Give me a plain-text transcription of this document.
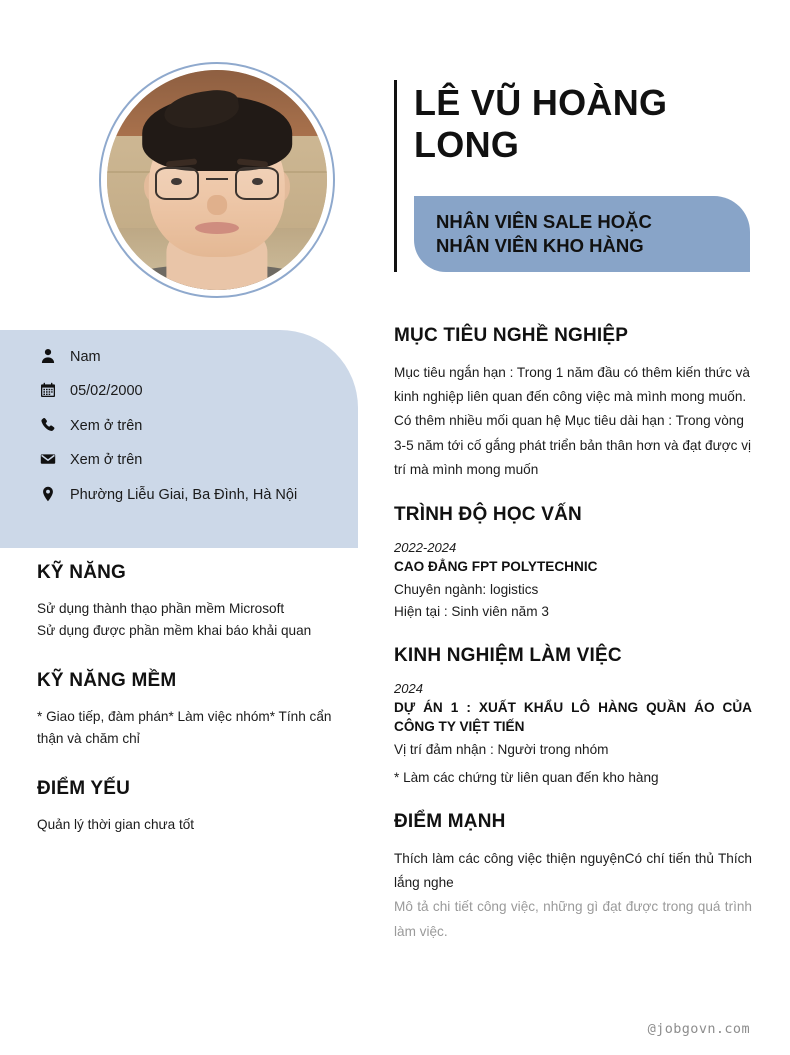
LÊ VŨ HOÀNG
LONG
NHÂN VIÊN SALE HOẶC
NHÂN VIÊN KHO HÀNG
Nam
05/02/2000
Xem ở trên
Xem ở trên
Phường Liễu Giai, Ba Đình, Hà Nội
KỸ NĂNG
Sử dụng thành thạo phần mềm Microsoft
Sử dụng được phần mềm khai báo khải quan
KỸ NĂNG MỀM
* Giao tiếp, đàm phán* Làm việc nhóm* Tính cẩn thận và chăm chỉ
ĐIỂM YẾU
Quản lý thời gian chưa tốt
MỤC TIÊU NGHỀ NGHIỆP
Mục tiêu ngắn hạn : Trong 1 năm đầu có thêm kiến thức và kinh nghiệp liên quan đến công việc mà mình mong muốn. Có thêm nhiều mối quan hệ Mục tiêu dài hạn : Trong vòng 3-5 năm tới cố gắng phát triển bản thân hơn và đạt được vị trí mà mình mong muốn
TRÌNH ĐỘ HỌC VẤN
2022-2024
CAO ĐẲNG FPT POLYTECHNIC
Chuyên ngành: logistics
Hiện tại : Sinh viên năm 3
KINH NGHIỆM LÀM VIỆC
2024
DỰ ÁN 1 : XUẤT KHẨU LÔ HÀNG QUẦN ÁO CỦA CÔNG TY VIỆT TIẾN
Vị trí đảm nhận : Người trong nhóm
* Làm các chứng từ liên quan đến kho hàng
ĐIỂM MẠNH
Thích làm các công việc thiện nguyệnCó chí tiến thủ Thích lắng nghe
Mô tả chi tiết công việc, những gì đạt được trong quá trình làm việc.
@jobgovn.com
